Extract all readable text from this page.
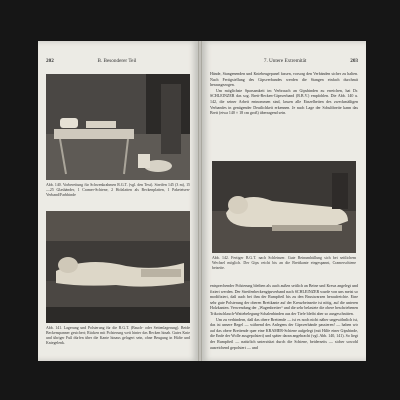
202	B. Besonderer Teil
Abb. 140. Vorbereitung für Schwenkrahmen R.G.T. (vgl. den Text). Streifen 145 (3 m), 15—25 Glasbänder, 1 Cramer-Schiene, 2 Holzlatten als Beckenplatten, 1 Paketeisen-Verband/Farbbinde
Abb. 141. Lagerung und Polsterung für die R.G.T. (Bauch- oder Seitenlagerung). Beide Beckenspanner gesichert; Rücken mit Polsterung weit hinter das Becken hinab. Gutes Knie und übriger Fuß dürfen über die Kante hinaus gelagert sein, ohne Beugung in Hüfte und Kniegelenk.
7. Untere Extremität	203

Hände, Stangenenden und Kniebeugepanel fassen, vorsorg den Verbänden sicher zu halten. Nach Fertigstellung des Gipsverbandes werden die Stangen einfach durchmit herausgezogen.

Um möglichste Sparsamkeit im Verbrauch an Gipsbinden zu erreichen, hat Dr. SCHLEINZER das sog. Brett-Becken-Gipsverband (B.B.V.) empfohlen. Die Abb. 140 u. 142, die seiner Arbeit entnommen sind, lassen alle Einzelheiten des zweckmäßigen Verbandes in genügender Deutlichkeit erkennen. Je nach Lage der Schultbreite kann das Brett (etwa 140 × 18 cm groß) überragend sein.

Abb. 142. Fertiger B.G.T. nach Schleinzer. Gute Beinumhüllung sich bei seitlichem Wechsel möglich. Der Gips reicht bis an die Brettkante eingespannt, Cramerschiene beiseite.

entsprechender Polsterung bleiben als auch außen seitlich an Beine und Kreuz angelegt und fixiert werden. Der Streifenbeckengipsverband nach SCHLEINZER wurde von uns meist so modifiziert, daß auch bei ihm der Rumpfteil bis zu den Brustwarzen heraufreichte. Eine sehr gute Polsterung der oberen Brettkante auf der Kreuzbeinseite ist nötig, auf die unteren Holzkanten. Verwendung der „Wagenbretter“ und die sehr belastete die obere beschriebenen Trikotschlauch-Wattebelegung-Schalenbinden aus der Tiefe bleibt aber so ausgeschnitten.

Um zu verhindern, daß das obere Brettende — ist es noch nicht näher ungewöhnlich ist, das ist unsere Regel — während des Anlegens der Gipsverbände passieren! — haben wir auf das obere Brettende quer eine KRAMER-Schiene aufgelegt (mit Hilfe einer Gipsbinde, die Ende der Wolle ausgepolstert) und später daran angebracht (vgl. Abb. 140, 141). So liegt der Rumpfteil — natürlich unterstützt durch die Schiene, beiderseits — sicher sowohl ausreichend gepolstert — und
